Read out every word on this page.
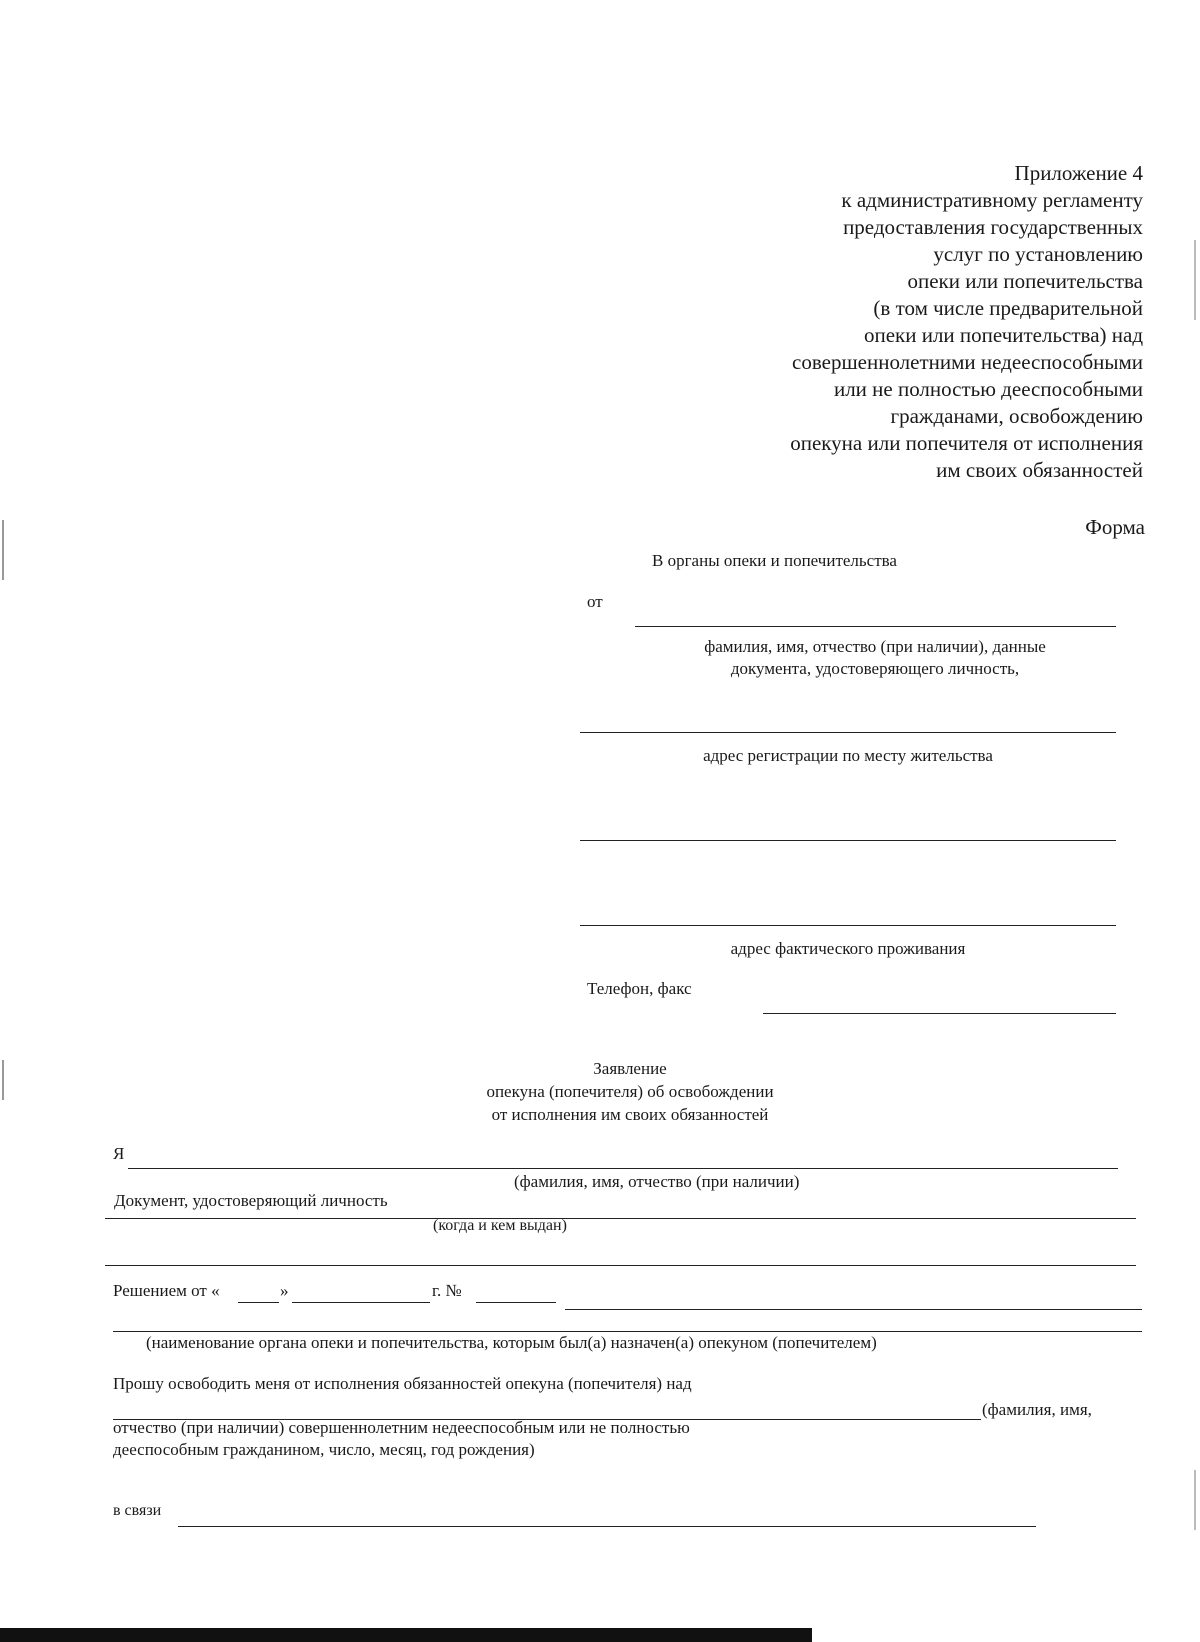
Приложение 4
к административному регламенту
предоставления государственных
услуг по установлению
опеки или попечительства
(в том числе предварительной
опеки или попечительства) над
совершеннолетними недееспособными
или не полностью дееспособными
гражданами, освобождению
опекуна или попечителя от исполнения
им своих обязанностей
Форма
В органы опеки и попечительства
от
фамилия, имя, отчество (при наличии), данные
документа, удостоверяющего личность,
адрес регистрации по месту жительства
адрес фактического проживания
Телефон, факс
Заявление
опекуна (попечителя) об освобождении
от исполнения им своих обязанностей
Я
(фамилия, имя, отчество (при наличии)
Документ, удостоверяющий личность
(когда и кем выдан)
Решением от «	»	г. №
(наименование органа опеки и попечительства, которым был(а) назначен(а) опекуном (попечителем)
Прошу освободить меня от исполнения обязанностей опекуна (попечителя) над
(фамилия, имя,
отчество (при наличии) совершеннолетним недееспособным или не полностью
дееспособным гражданином, число, месяц, год рождения)
в связи
